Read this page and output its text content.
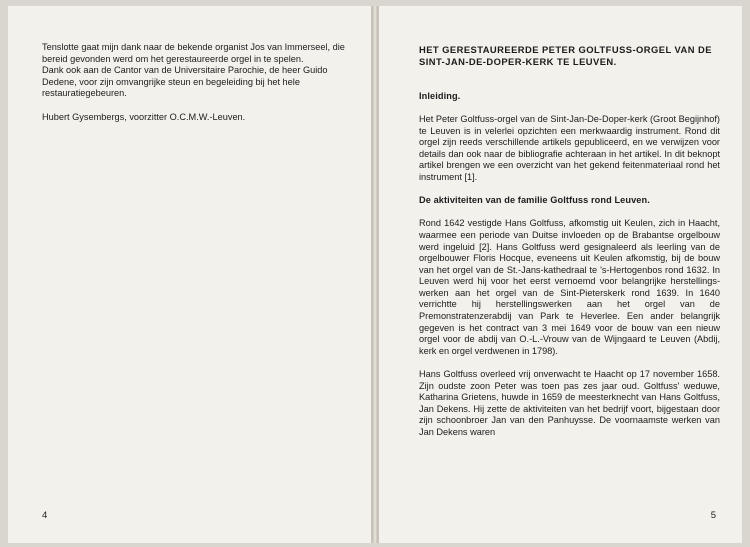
Tenslotte gaat mijn dank naar de bekende organist Jos van Immerseel, die bereid gevonden werd om het gerestaureerde orgel in te spelen.

Dank ook aan de Cantor van de Universitaire Parochie, de heer Guido Dedene, voor zijn omvangrijke steun en begeleiding bij het hele restauratiegebeuren.

Hubert Gysembergs, voorzitter O.C.M.W.-Leuven.

4

HET GERESTAUREERDE PETER GOLTFUSS-ORGEL VAN DE SINT-JAN-DE-DOPER-KERK TE LEUVEN.

Inleiding.

Het Peter Goltfuss-orgel van de Sint-Jan-De-Doper-kerk (Groot Begijnhof) te Leuven is in velerlei opzichten een merkwaardig instrument. Rond dit orgel zijn reeds verschillende artikels gepubliceerd, en we verwijzen voor details dan ook naar de bibliografie achteraan in het artikel. In dit beknopt artikel brengen we een overzicht van het gekend feitenmateriaal rond het instrument [1].

De aktiviteiten van de familie Goltfuss rond Leuven.

Rond 1642 vestigde Hans Goltfuss, afkomstig uit Keulen, zich in Haacht, waarmee een periode van Duitse invloeden op de Brabantse orgelbouw werd ingeluid [2]. Hans Goltfuss werd gesignaleerd als leerling van de orgelbouwer Floris Hocque, eveneens uit Keulen afkomstig, bij de bouw van het orgel van de St.-Jans-kathedraal te 's-Hertogenbos rond 1632. In Leuven werd hij voor het eerst vernoemd voor belangrijke herstellings-werken aan het orgel van de Sint-Pieterskerk rond 1639. In 1640 verrichtte hij herstellingswerken aan het orgel van de Premonstratenzerabdij van Park te Heverlee. Een ander belangrijk gegeven is het contract van 3 mei 1649 voor de bouw van een nieuw orgel voor de abdij van O.-L.-Vrouw van de Wijngaard te Leuven (Abdij, kerk en orgel verdwenen in 1798).

Hans Goltfuss overleed vrij onverwacht te Haacht op 17 november 1658. Zijn oudste zoon Peter was toen pas zes jaar oud. Goltfuss' weduwe, Katharina Grietens, huwde in 1659 de meesterknecht van Hans Goltfuss, Jan Dekens. Hij zette de aktiviteiten van het bedrijf voort, bijgestaan door zijn schoonbroer Jan van den Panhuysse. De voornaamste werken van Jan Dekens waren

5
